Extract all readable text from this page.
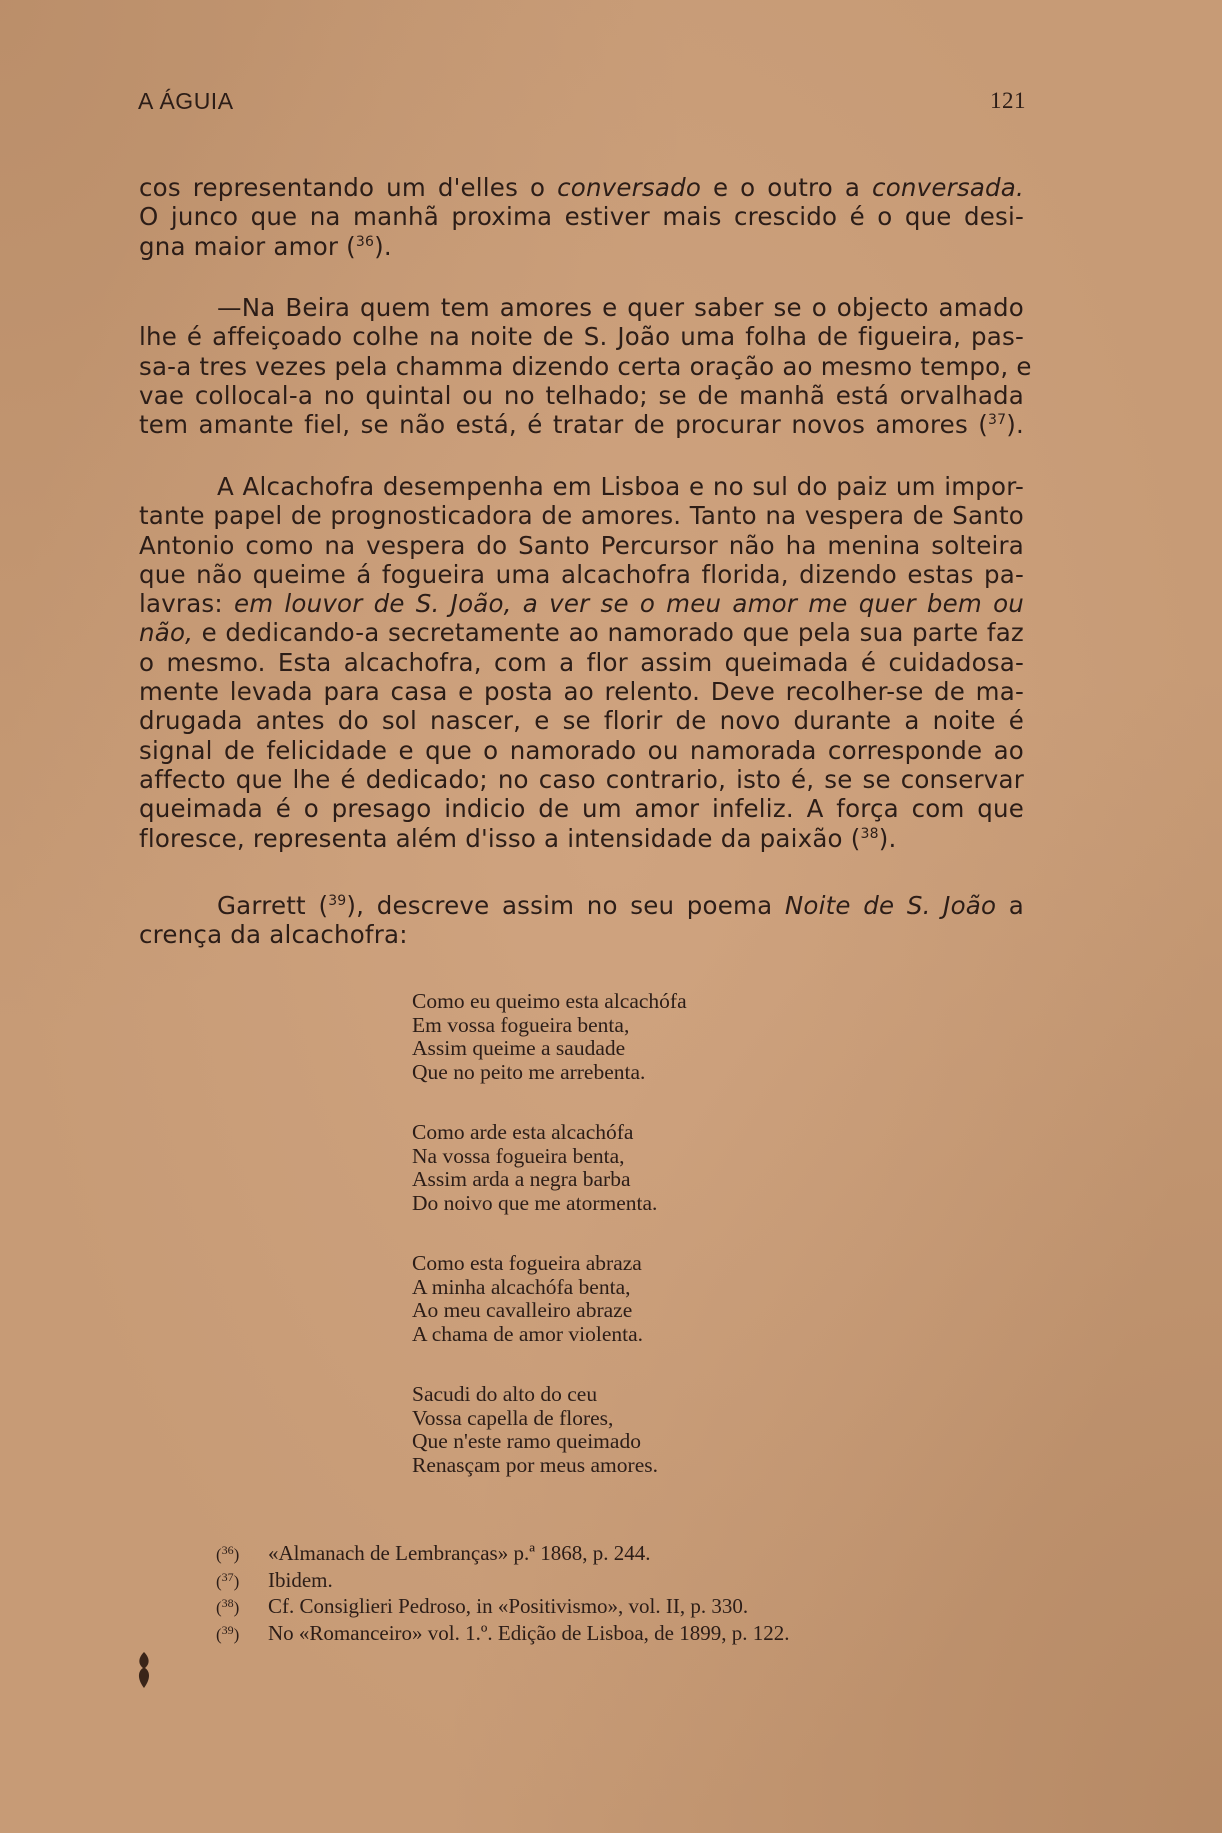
A ÁGUIA	121
cos representando um d'elles o conversado e o outro a conversada.
O junco que na manhã proxima estiver mais crescido é o que desi-
gna maior amor ($^{36}$).
—Na Beira quem tem amores e quer saber se o objecto amado
lhe é affeiçoado colhe na noite de S. João uma folha de figueira, pas-
sa-a tres vezes pela chamma dizendo certa oração ao mesmo tempo, e
vae collocal-a no quintal ou no telhado; se de manhã está orvalhada
tem amante fiel, se não está, é tratar de procurar novos amores ($^{37}$).
A Alcachofra desempenha em Lisboa e no sul do paiz um impor-
tante papel de prognosticadora de amores. Tanto na vespera de Santo
Antonio como na vespera do Santo Percursor não ha menina solteira
que não queime á fogueira uma alcachofra florida, dizendo estas pa-
lavras: em louvor de S. João, a ver se o meu amor me quer bem ou
não, e dedicando-a secretamente ao namorado que pela sua parte faz
o mesmo. Esta alcachofra, com a flor assim queimada é cuidadosa-
mente levada para casa e posta ao relento. Deve recolher-se de ma-
drugada antes do sol nascer, e se florir de novo durante a noite é
signal de felicidade e que o namorado ou namorada corresponde ao
affecto que lhe é dedicado; no caso contrario, isto é, se se conservar
queimada é o presago indicio de um amor infeliz. A força com que
floresce, representa além d'isso a intensidade da paixão ($^{38}$).
Garrett ($^{39}$), descreve assim no seu poema Noite de S. João a
crença da alcachofra:
Como eu queimo esta alcachófa
Em vossa fogueira benta,
Assim queime a saudade
Que no peito me arrebenta.
Como arde esta alcachófa
Na vossa fogueira benta,
Assim arda a negra barba
Do noivo que me atormenta.
Como esta fogueira abraza
A minha alcachófa benta,
Ao meu cavalleiro abraze
A chama de amor violenta.
Sacudi do alto do ceu
Vossa capella de flores,
Que n'este ramo queimado
Renasçam por meus amores.
($^{36}$) «Almanach de Lembranças» p.ª 1868, p. 244.
($^{37}$) Ibidem.
($^{38}$) Cf. Consiglieri Pedroso, in «Positivismo», vol. II, p. 330.
($^{39}$) No «Romanceiro» vol. 1.º. Edição de Lisboa, de 1899, p. 122.
